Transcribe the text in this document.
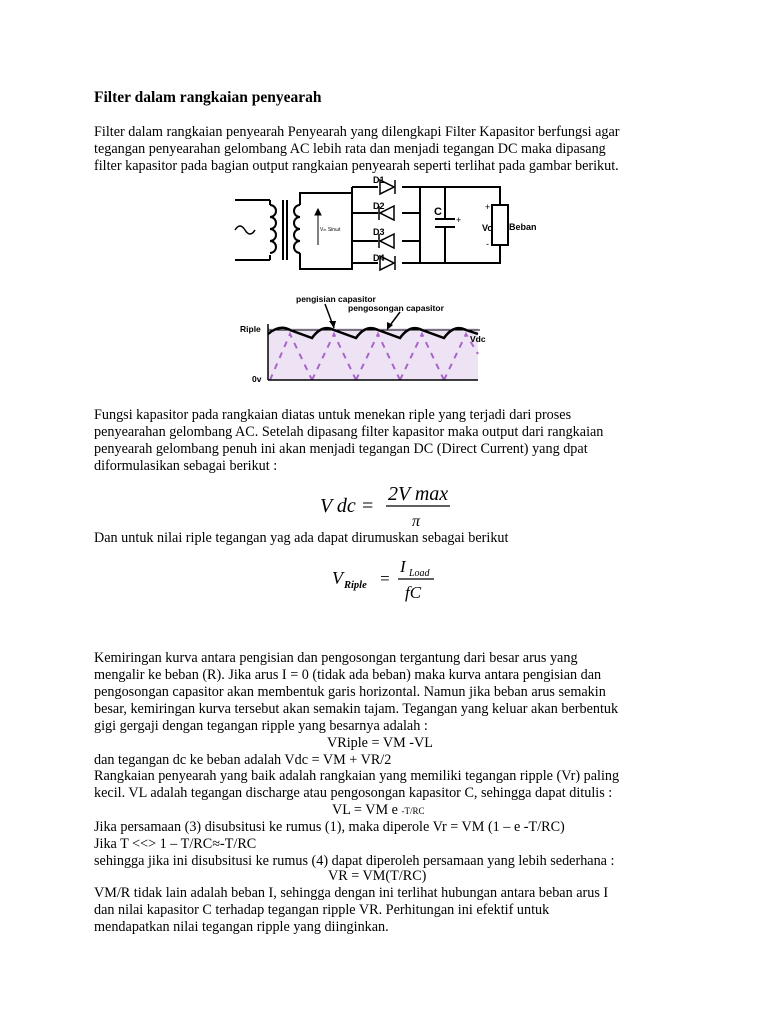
Filter dalam rangkaian penyearah
Filter dalam rangkaian penyearah Penyearah yang dilengkapi Filter Kapasitor berfungsi agar
tegangan penyearahan gelombang AC lebih rata dan menjadi tegangan DC maka dipasang
filter kapasitor pada bagian output rangkaian penyearah seperti terlihat pada gambar berikut.
D1
D2
D3
D4
C
+
+
Vo
-
Beban
Vₘ Sinωt
pengisian capasitor
pengosongan capasitor
Riple
Vdc
0v
Fungsi kapasitor pada rangkaian diatas untuk menekan riple yang terjadi dari proses
penyearahan gelombang AC. Setelah dipasang filter kapasitor maka output dari rangkaian
penyearah gelombang penuh ini akan menjadi tegangan DC (Direct Current) yang dpat
diformulasikan sebagai berikut :
V dc =
2V max
π
Dan untuk nilai riple tegangan yag ada dapat dirumuskan sebagai berikut
V Riple =
I Load
fC
Kemiringan kurva antara pengisian dan pengosongan tergantung dari besar arus yang
mengalir ke beban (R). Jika arus I = 0 (tidak ada beban) maka kurva antara pengisian dan
pengosongan capasitor akan membentuk garis horizontal. Namun jika beban arus semakin
besar, kemiringan kurva tersebut akan semakin tajam. Tegangan yang keluar akan berbentuk
gigi gergaji dengan tegangan ripple yang besarnya adalah :
VRiple = VM -VL
dan tegangan dc ke beban adalah Vdc = VM + VR/2
Rangkaian penyearah yang baik adalah rangkaian yang memiliki tegangan ripple (Vr) paling
kecil. VL adalah tegangan discharge atau pengosongan kapasitor C, sehingga dapat ditulis :
VL = VM e -T/RC
Jika persamaan (3) disubsitusi ke rumus (1), maka diperole Vr = VM (1 – e -T/RC)
Jika T <<> 1 – T/RC≈-T/RC
sehingga jika ini disubsitusi ke rumus (4) dapat diperoleh persamaan yang lebih sederhana :
VR = VM(T/RC)
VM/R tidak lain adalah beban I, sehingga dengan ini terlihat hubungan antara beban arus I
dan nilai kapasitor C terhadap tegangan ripple VR. Perhitungan ini efektif untuk
mendapatkan nilai tegangan ripple yang diinginkan.
